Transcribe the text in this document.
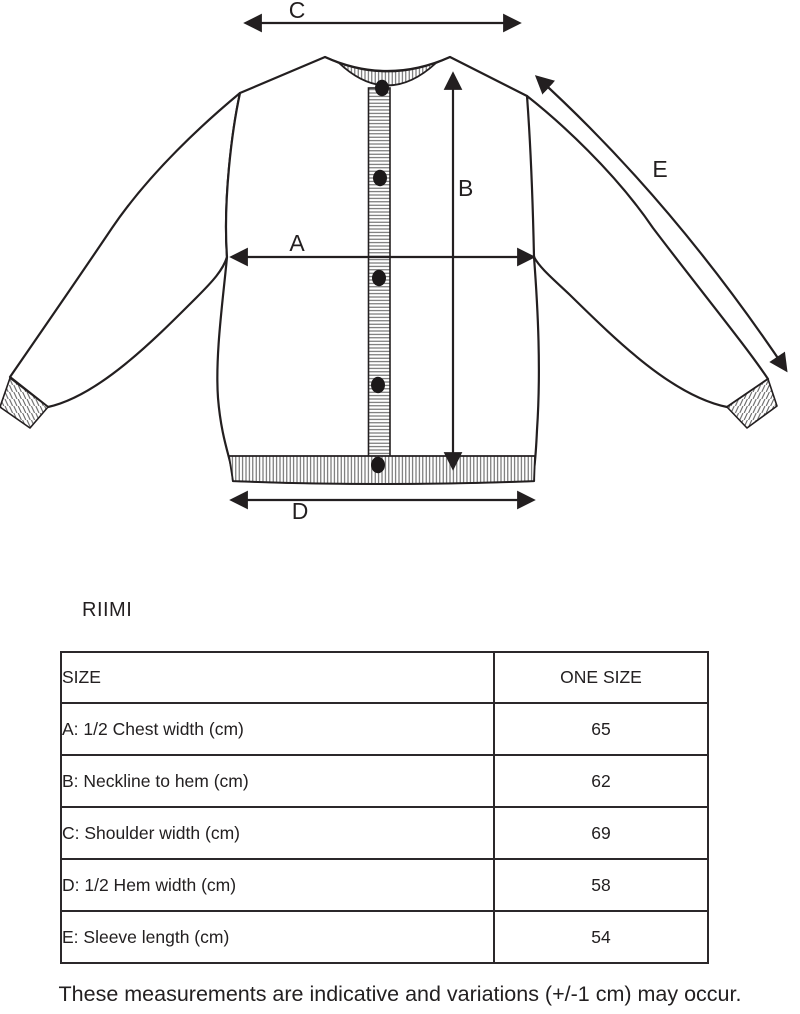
C
B
A
E
D
RIIMI
SIZE	ONE SIZE
A: 1/2 Chest width (cm)	65
B: Neckline to hem (cm)	62
C: Shoulder width (cm)	69
D: 1/2 Hem width (cm)	58
E: Sleeve length (cm)	54
These measurements are indicative and variations (+/-1 cm) may occur.
